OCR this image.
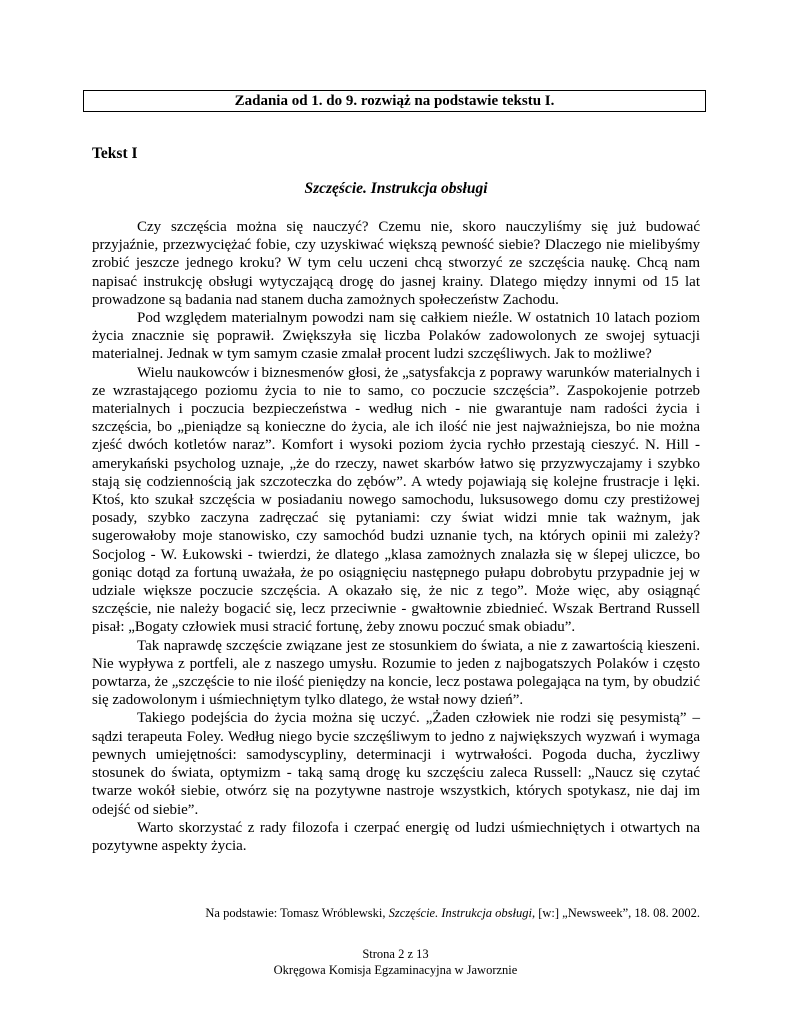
Zadania od 1. do 9. rozwiąż na podstawie tekstu I.
Tekst I
Szczęście. Instrukcja obsługi

Czy szczęścia można się nauczyć? Czemu nie, skoro nauczyliśmy się już budować przyjaźnie, przezwyciężać fobie, czy uzyskiwać większą pewność siebie? Dlaczego nie mielibyśmy zrobić jeszcze jednego kroku? W tym celu uczeni chcą stworzyć ze szczęścia naukę. Chcą nam napisać instrukcję obsługi wytyczającą drogę do jasnej krainy. Dlatego między innymi od 15 lat prowadzone są badania nad stanem ducha zamożnych społeczeństw Zachodu.

Pod względem materialnym powodzi nam się całkiem nieźle. W ostatnich 10 latach poziom życia znacznie się poprawił. Zwiększyła się liczba Polaków zadowolonych ze swojej sytuacji materialnej. Jednak w tym samym czasie zmalał procent ludzi szczęśliwych. Jak to możliwe?

Wielu naukowców i biznesmenów głosi, że „satysfakcja z poprawy warunków materialnych i ze wzrastającego poziomu życia to nie to samo, co poczucie szczęścia”. Zaspokojenie potrzeb materialnych i poczucia bezpieczeństwa - według nich - nie gwarantuje nam radości życia i szczęścia, bo „pieniądze są konieczne do życia, ale ich ilość nie jest najważniejsza, bo nie można zjeść dwóch kotletów naraz”. Komfort i wysoki poziom życia rychło przestają cieszyć. N. Hill - amerykański psycholog uznaje, „że do rzeczy, nawet skarbów łatwo się przyzwyczajamy i szybko stają się codziennością jak szczoteczka do zębów”. A wtedy pojawiają się kolejne frustracje i lęki. Ktoś, kto szukał szczęścia w posiadaniu nowego samochodu, luksusowego domu czy prestiżowej posady, szybko zaczyna zadręczać się pytaniami: czy świat widzi mnie tak ważnym, jak sugerowałoby moje stanowisko, czy samochód budzi uznanie tych, na których opinii mi zależy? Socjolog - W. Łukowski - twierdzi, że dlatego „klasa zamożnych znalazła się w ślepej uliczce, bo goniąc dotąd za fortuną uważała, że po osiągnięciu następnego pułapu dobrobytu przypadnie jej w udziale większe poczucie szczęścia. A okazało się, że nic z tego”. Może więc, aby osiągnąć szczęście, nie należy bogacić się, lecz przeciwnie - gwałtownie zbiednieć. Wszak Bertrand Russell pisał: „Bogaty człowiek musi stracić fortunę, żeby znowu poczuć smak obiadu”.

Tak naprawdę szczęście związane jest ze stosunkiem do świata, a nie z zawartością kieszeni. Nie wypływa z portfeli, ale z naszego umysłu. Rozumie to jeden z najbogatszych Polaków i często powtarza, że „szczęście to nie ilość pieniędzy na koncie, lecz postawa polegająca na tym, by obudzić się zadowolonym i uśmiechniętym tylko dlatego, że wstał nowy dzień”.

Takiego podejścia do życia można się uczyć. „Żaden człowiek nie rodzi się pesymistą” – sądzi terapeuta Foley. Według niego bycie szczęśliwym to jedno z największych wyzwań i wymaga pewnych umiejętności: samodyscypliny, determinacji i wytrwałości. Pogoda ducha, życzliwy stosunek do świata, optymizm - taką samą drogę ku szczęściu zaleca Russell: „Naucz się czytać twarze wokół siebie, otwórz się na pozytywne nastroje wszystkich, których spotykasz, nie daj im odejść od siebie”.

Warto skorzystać z rady filozofa i czerpać energię od ludzi uśmiechniętych i otwartych na pozytywne aspekty życia.

Na podstawie: Tomasz Wróblewski, Szczęście. Instrukcja obsługi, [w:] „Newsweek”, 18. 08. 2002.
Strona 2 z 13
Okręgowa Komisja Egzaminacyjna w Jaworznie
